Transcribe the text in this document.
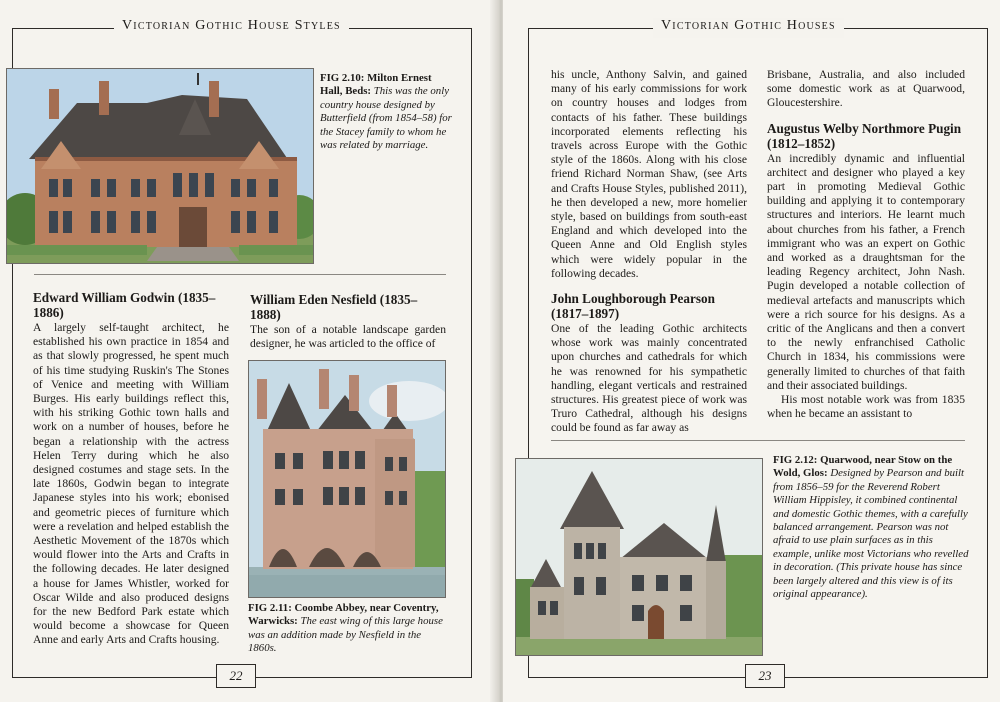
Victorian Gothic House Styles
FIG 2.10: Milton Ernest Hall, Beds: This was the only country house designed by Butterfield (from 1854–58) for the Stacey family to whom he was related by marriage.
Edward William Godwin (1835–1886)

A largely self-taught architect, he established his own practice in 1854 and as that slowly progressed, he spent much of his time studying Ruskin's The Stones of Venice and meeting with William Burges. His early buildings reflect this, with his striking Gothic town halls and work on a number of houses, before he began a relationship with the actress Helen Terry during which he also designed costumes and stage sets. In the late 1860s, Godwin began to integrate Japanese styles into his work; ebonised and geometric pieces of furniture which were a revelation and helped establish the Aesthetic Movement of the 1870s which would flower into the Arts and Crafts in the following decades. He later designed a house for James Whistler, worked for Oscar Wilde and also produced designs for the new Bedford Park estate which would become a showcase for Queen Anne and early Arts and Crafts housing.

William Eden Nesfield (1835–1888)

The son of a notable landscape garden designer, he was articled to the office of

FIG 2.11: Coombe Abbey, near Coventry, Warwicks: The east wing of this large house was an addition made by Nesfield in the 1860s.
22
Victorian Gothic Houses

his uncle, Anthony Salvin, and gained many of his early commissions for work on country houses and lodges from contacts of his father. These buildings incorporated elements reflecting his travels across Europe with the Gothic style of the 1860s. Along with his close friend Richard Norman Shaw, (see Arts and Crafts House Styles, published 2011), he then developed a new, more homelier style, based on buildings from south-east England and which developed into the Queen Anne and Old English styles which were widely popular in the following decades.

John Loughborough Pearson (1817–1897)

One of the leading Gothic architects whose work was mainly concentrated upon churches and cathedrals for which he was renowned for his sympathetic handling, elegant verticals and restrained structures. His greatest piece of work was Truro Cathedral, although his designs could be found as far away as

Brisbane, Australia, and also included some domestic work as at Quarwood, Gloucestershire.

Augustus Welby Northmore Pugin (1812–1852)

An incredibly dynamic and influential architect and designer who played a key part in promoting Medieval Gothic building and applying it to contemporary structures and interiors. He learnt much about churches from his father, a French immigrant who was an expert on Gothic and worked as a draughtsman for the leading Regency architect, John Nash. Pugin developed a notable collection of medieval artefacts and manuscripts which were a rich source for his designs. As a critic of the Anglicans and then a convert to the newly enfranchised Catholic Church in 1834, his commissions were generally limited to churches of that faith and their associated buildings.

His most notable work was from 1835 when he became an assistant to

FIG 2.12: Quarwood, near Stow on the Wold, Glos: Designed by Pearson and built from 1856–59 for the Reverend Robert William Hippisley, it combined continental and domestic Gothic themes, with a carefully balanced arrangement. Pearson was not afraid to use plain surfaces as in this example, unlike most Victorians who revelled in decoration. (This private house has since been largely altered and this view is of its original appearance).
23
